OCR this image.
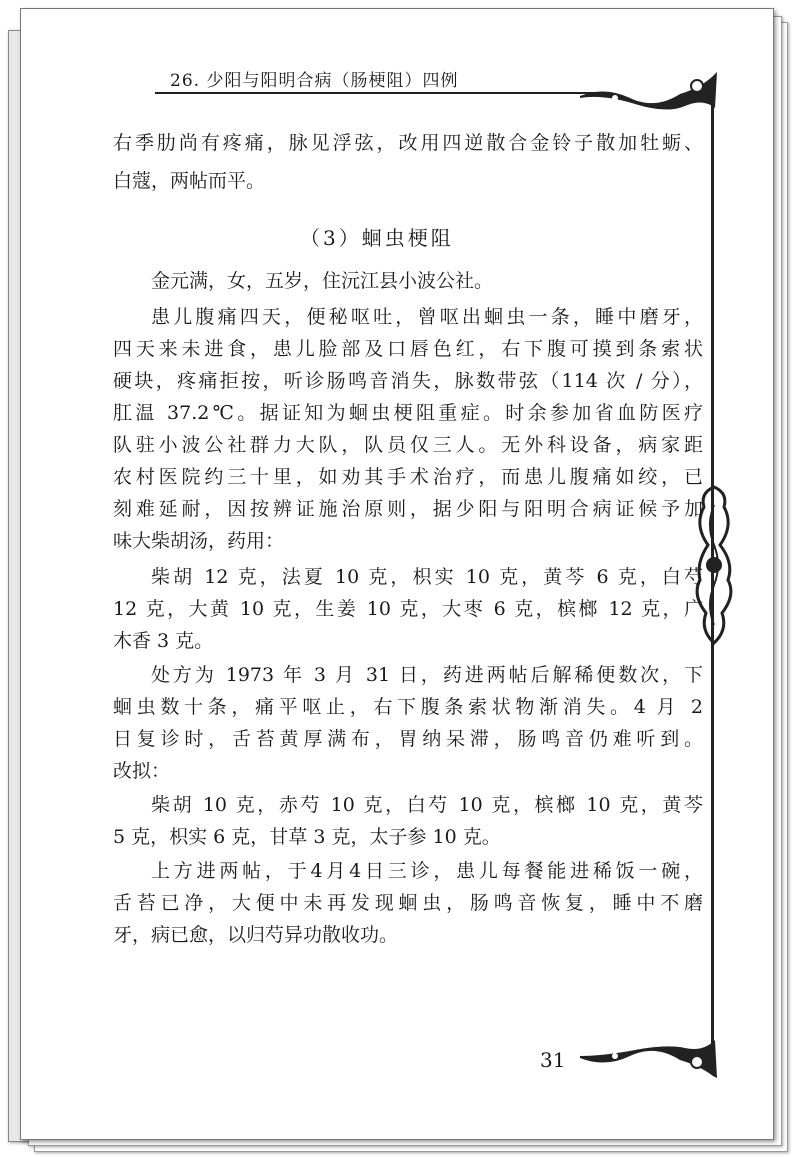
26. 少阳与阳明合病（肠梗阻）四例
右季肋尚有疼痛，脉见浮弦，改用四逆散合金铃子散加牡蛎、
白蔻，两帖而平。
（3）蛔虫梗阻
金元满，女，五岁，住沅江县小波公社。
患儿腹痛四天，便秘呕吐，曾呕出蛔虫一条，睡中磨牙，
四天来未进食，患儿脸部及口唇色红，右下腹可摸到条索状
硬块，疼痛拒按，听诊肠鸣音消失，脉数带弦（114 次 / 分），
肛温 37.2℃。据证知为蛔虫梗阻重症。时余参加省血防医疗
队驻小波公社群力大队，队员仅三人。无外科设备，病家距
农村医院约三十里，如劝其手术治疗，而患儿腹痛如绞，已
刻难延耐，因按辨证施治原则，据少阳与阳明合病证候予加
味大柴胡汤，药用：
柴胡 12 克，法夏 10 克，枳实 10 克，黄芩 6 克，白芍
12 克，大黄 10 克，生姜 10 克，大枣 6 克，槟榔 12 克，广
木香 3 克。
处方为 1973 年 3 月 31 日，药进两帖后解稀便数次，下
蛔虫数十条，痛平呕止，右下腹条索状物渐消失。4 月 2
日复诊时，舌苔黄厚满布，胃纳呆滞，肠鸣音仍难听到。
改拟：
柴胡 10 克，赤芍 10 克，白芍 10 克，槟榔 10 克，黄芩
5 克，枳实 6 克，甘草 3 克，太子参 10 克。
上方进两帖，于4月4日三诊，患儿每餐能进稀饭一碗，
舌苔已净，大便中未再发现蛔虫，肠鸣音恢复，睡中不磨
牙，病已愈，以归芍异功散收功。
31
